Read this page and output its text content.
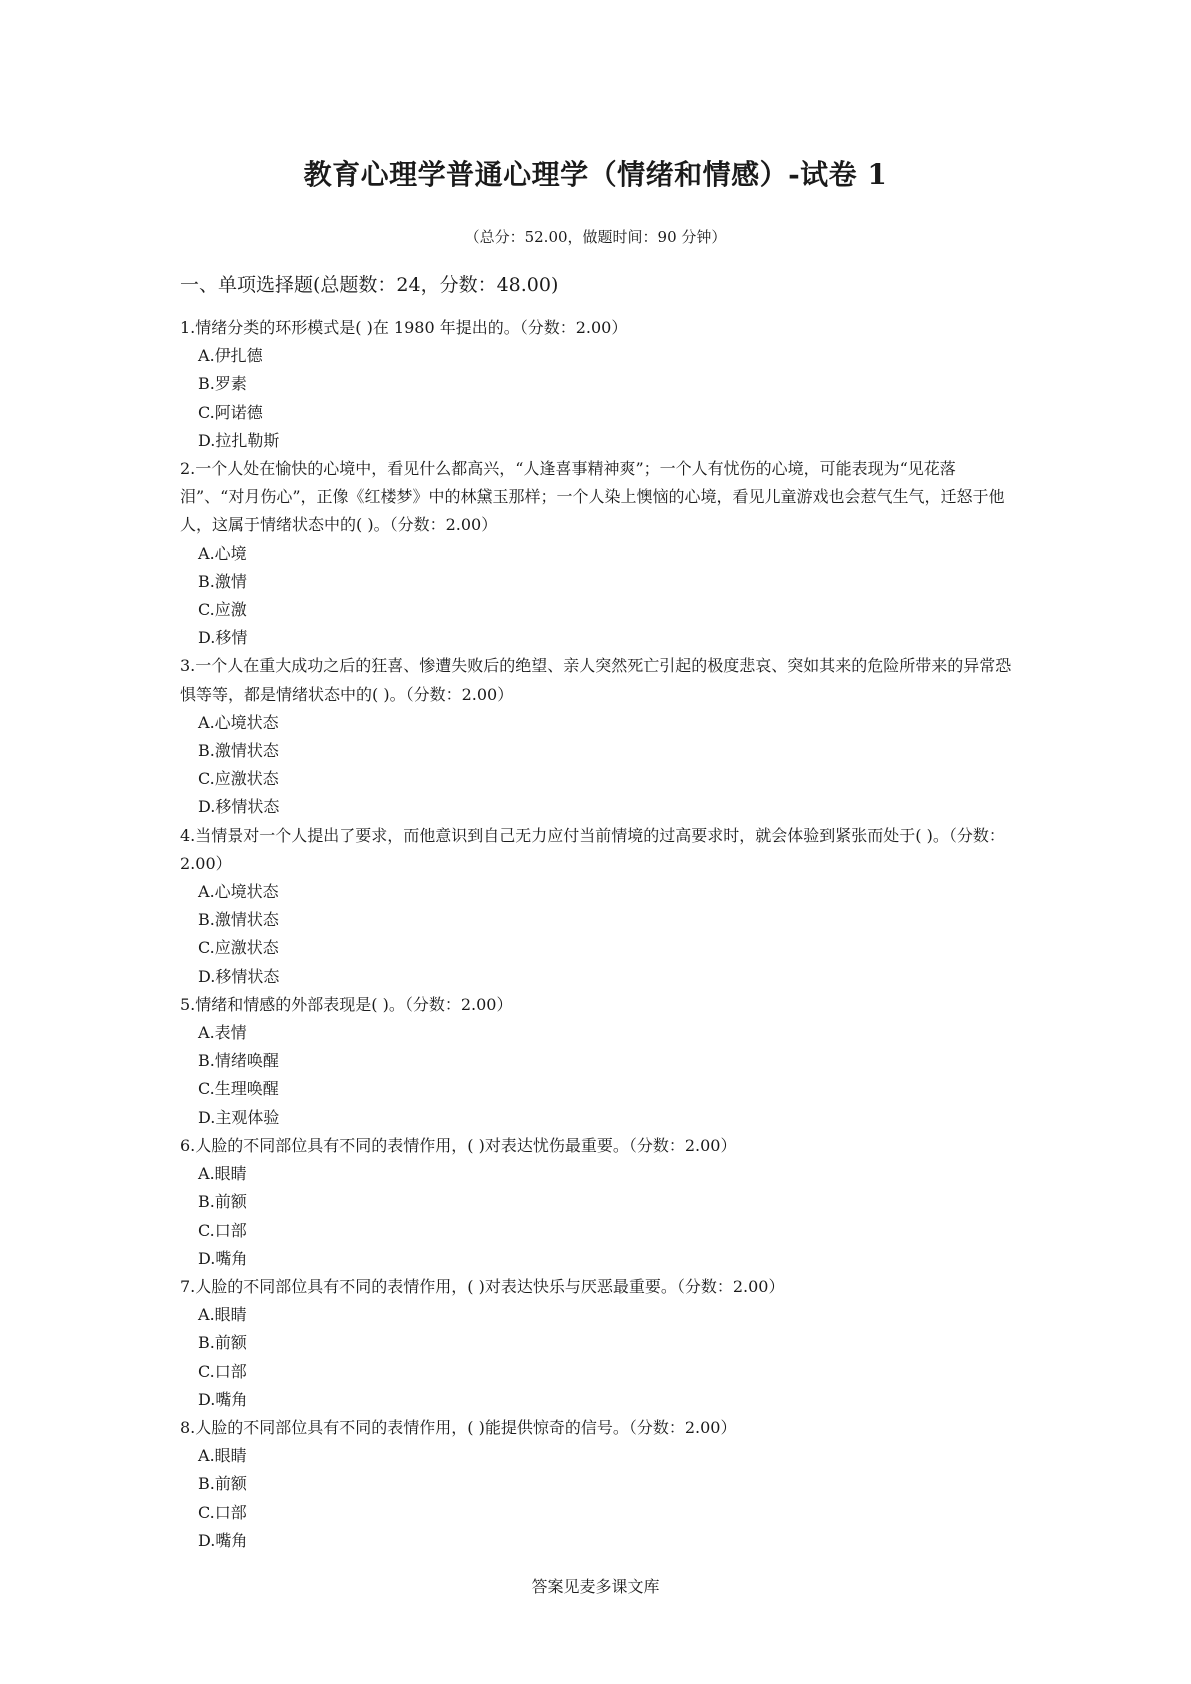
教育心理学普通心理学（情绪和情感）-试卷 1
（总分：52.00，做题时间：90 分钟）
一、单项选择题(总题数：24，分数：48.00)
1.情绪分类的环形模式是( )在 1980 年提出的。（分数：2.00）
A . 伊扎德
B . 罗素
C . 阿诺德
D . 拉扎勒斯
2.一个人处在愉快的心境中，看见什么都高兴，“人逢喜事精神爽”；一个人有忧伤的心境，可能表现为“见花落泪”、“对月伤心”，正像《红楼梦》中的林黛玉那样；一个人染上懊恼的心境，看见儿童游戏也会惹气生气，迁怒于他人，这属于情绪状态中的( )。（分数：2.00）
A . 心境
B . 激情
C . 应激
D . 移情
3.一个人在重大成功之后的狂喜、惨遭失败后的绝望、亲人突然死亡引起的极度悲哀、突如其来的危险所带来的异常恐惧等等，都是情绪状态中的( )。（分数：2.00）
A . 心境状态
B . 激情状态
C . 应激状态
D . 移情状态
4.当情景对一个人提出了要求，而他意识到自己无力应付当前情境的过高要求时，就会体验到紧张而处于( )。（分数：2.00）
A . 心境状态
B . 激情状态
C . 应激状态
D . 移情状态
5.情绪和情感的外部表现是( )。（分数：2.00）
A . 表情
B . 情绪唤醒
C . 生理唤醒
D . 主观体验
6.人脸的不同部位具有不同的表情作用，( )对表达忧伤最重要。（分数：2.00）
A . 眼睛
B . 前额
C . 口部
D . 嘴角
7.人脸的不同部位具有不同的表情作用，( )对表达快乐与厌恶最重要。（分数：2.00）
A . 眼睛
B . 前额
C . 口部
D . 嘴角
8.人脸的不同部位具有不同的表情作用，( )能提供惊奇的信号。（分数：2.00）
A . 眼睛
B . 前额
C . 口部
D . 嘴角
答案见麦多课文库
